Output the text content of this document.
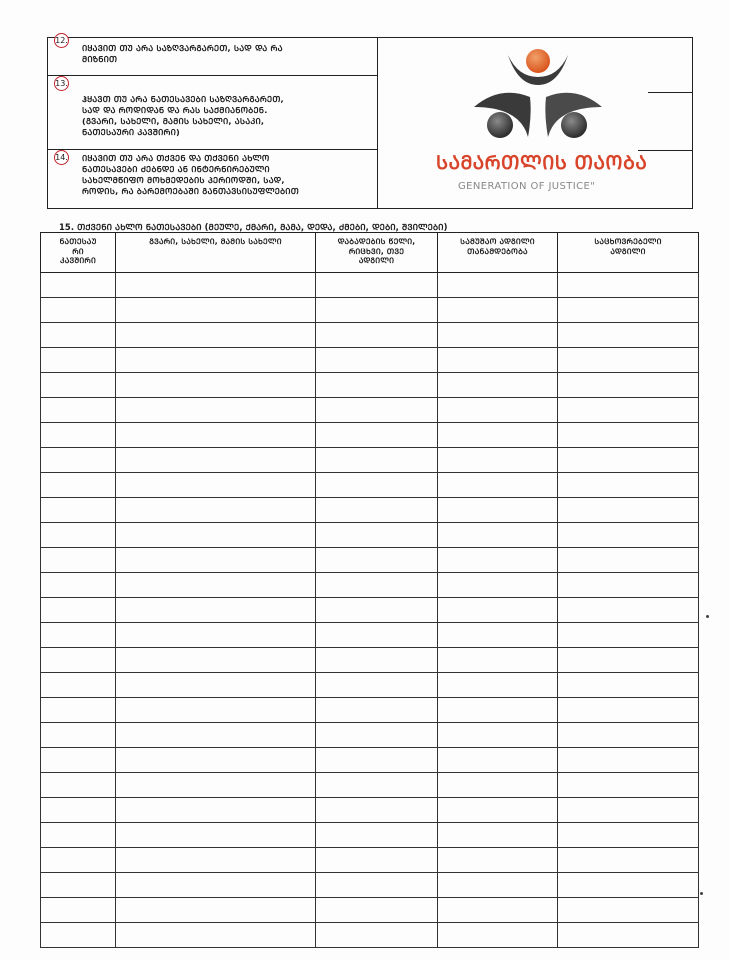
12.
ᲘᲧᲐᲕᲘᲗ ᲗᲣ ᲐᲠᲐ ᲡᲐᲖᲦᲕᲐᲠᲒᲐᲠᲔᲗ, ᲡᲐᲓ ᲓᲐ ᲠᲐ
ᲛᲘᲖᲜᲘᲗ
13.
ᲰᲧᲐᲕᲗ ᲗᲣ ᲐᲠᲐ ᲜᲐᲗᲔᲡᲐᲕᲔᲑᲘ ᲡᲐᲖᲦᲕᲐᲠᲒᲐᲠᲔᲗ,
ᲡᲐᲓ ᲓᲐ ᲠᲝᲓᲘᲓᲐᲜ ᲓᲐ ᲠᲐᲡ ᲡᲐᲥᲛᲘᲐᲜᲝᲑᲔᲜ.
(ᲒᲕᲐᲠᲘ, ᲡᲐᲮᲔᲚᲘ, ᲛᲐᲛᲘᲡ ᲡᲐᲮᲔᲚᲘ, ᲐᲡᲐᲙᲘ,
ᲜᲐᲗᲔᲡᲐᲣᲠᲘ ᲙᲐᲕᲨᲘᲠᲘ)
14. ᲘᲧᲐᲕᲘᲗ ᲗᲣ ᲐᲠᲐ ᲗᲥᲕᲔᲜ ᲓᲐ ᲗᲥᲕᲔᲜᲘ ᲐᲮᲚᲝ
ᲜᲐᲗᲔᲡᲐᲕᲔᲑᲘ ᲫᲔᲑᲜᲓᲔ ᲐᲜ ᲘᲜᲢᲔᲠᲜᲘᲠᲔᲑᲣᲚᲘ
ᲡᲐᲮᲔᲚᲛᲬᲘᲤᲝ ᲛᲝᲮᲛᲔᲓᲔᲑᲘᲡ ᲞᲔᲠᲘᲝᲓᲨᲘ, ᲡᲐᲓ,
ᲠᲝᲓᲘᲡ, ᲠᲐ ᲑᲐᲠᲔᲛᲝᲔᲑᲐᲨᲘ ᲒᲐᲜᲗᲐᲕᲡᲘᲡᲣᲤᲚᲔᲑᲘᲗ
ᲡᲐᲛᲐᲠᲗᲚᲘᲡ ᲗᲐᲝᲑᲐ
GENERATION OF JUSTICE"
15. ᲗᲥᲕᲔᲜᲘ ᲐᲮᲚᲝ ᲜᲐᲗᲔᲡᲐᲕᲔᲑᲘ (ᲛᲔᲣᲚᲔ, ᲥᲛᲐᲠᲘ, ᲛᲐᲛᲐ, ᲓᲔᲓᲐ, ᲫᲛᲔᲑᲘ, ᲓᲔᲑᲘ, ᲨᲕᲘᲚᲔᲑᲘ)
ᲜᲐᲗᲔᲡᲐᲣ
ᲠᲘ
ᲙᲐᲕᲨᲘᲠᲘ	ᲒᲕᲐᲠᲘ, ᲡᲐᲮᲔᲚᲘ, ᲛᲐᲛᲘᲡ ᲡᲐᲮᲔᲚᲘ	ᲓᲐᲑᲐᲓᲔᲑᲘᲡ ᲬᲔᲚᲘ,
ᲠᲘᲪᲮᲕᲘ, ᲗᲕᲔ
ᲐᲓᲒᲘᲚᲘ	ᲡᲐᲛᲣᲨᲐᲝ ᲐᲓᲒᲘᲚᲘ
ᲗᲐᲜᲐᲛᲓᲔᲑᲝᲑᲐ	ᲡᲐᲪᲮᲝᲕᲠᲔᲑᲔᲚᲘ
ᲐᲓᲒᲘᲚᲘ
